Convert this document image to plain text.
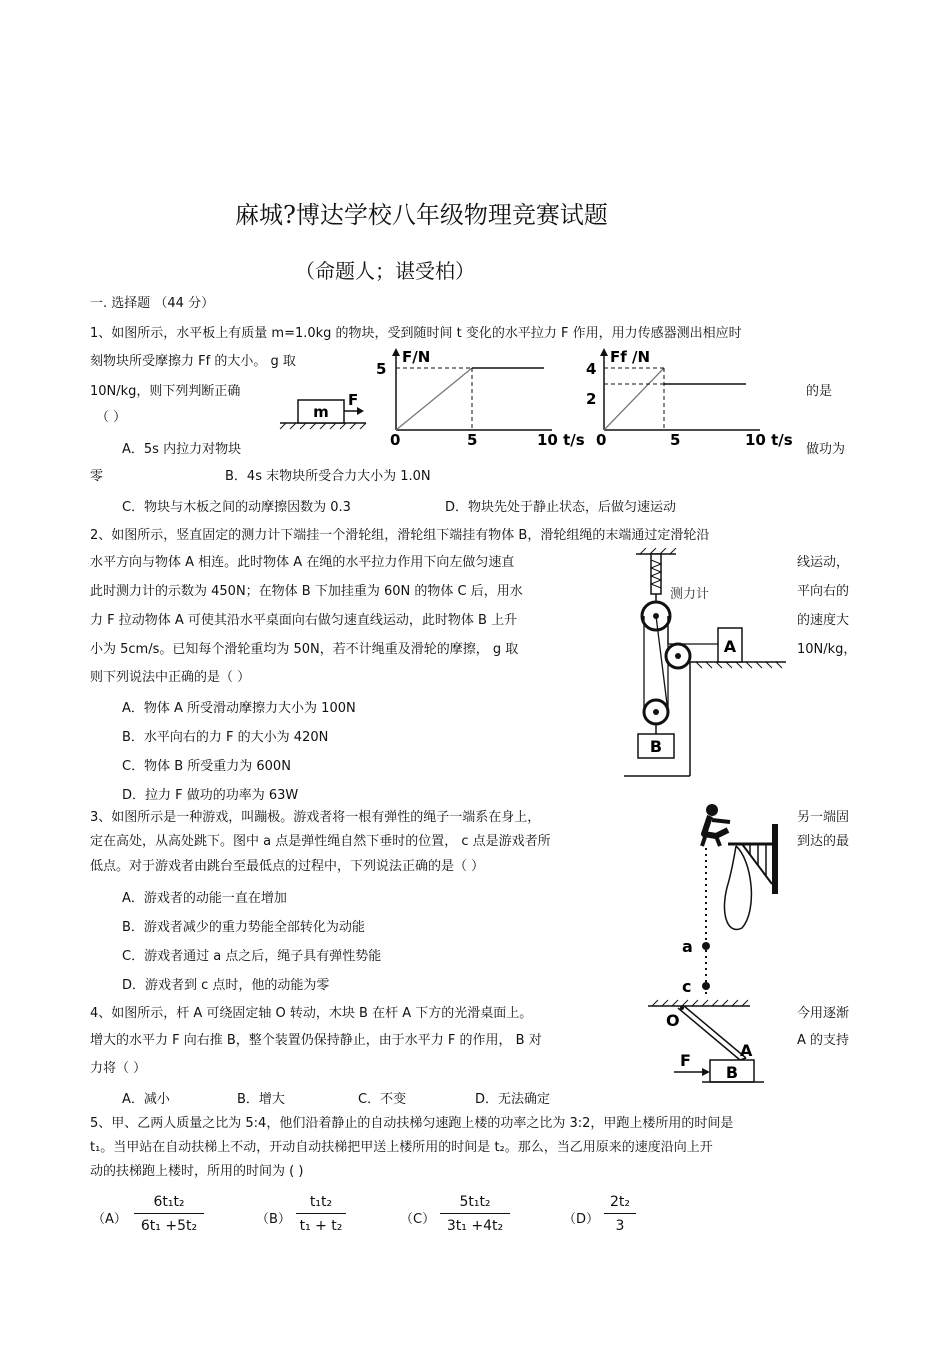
麻城?博达学校八年级物理竞赛试题
（命题人；谌受柏）
一. 选择题 （44 分）
1、如图所示，水平板上有质量 m=1.0kg 的物块，受到随时间 t 变化的水平拉力 F 作用，用力传感器测出相应时
刻物块所受摩擦力 Ff 的大小。 g 取
10N/kg，则下列判断正确	的是
（ ）
A．5s 内拉力对物块	做功为
零	B．4s 末物块所受合力大小为 1.0N
C．物块与木板之间的动摩擦因数为 0.3	D．物块先处于静止状态，后做匀速运动
m
F
F/N
5
0	5	10 t/s
Ff /N
4
2
0	5	10 t/s
2、如图所示，竖直固定的测力计下端挂一个滑轮组，滑轮组下端挂有物体 B，滑轮组绳的末端通过定滑轮沿
水平方向与物体 A 相连。此时物体 A 在绳的水平拉力作用下向左做匀速直	线运动，
此时测力计的示数为 450N；在物体 B 下加挂重为 60N 的物体 C 后，用水	平向右的
力 F 拉动物体 A 可使其沿水平桌面向右做匀速直线运动，此时物体 B 上升	的速度大
小为 5cm/s。已知每个滑轮重均为 50N，若不计绳重及滑轮的摩擦， g 取	10N/kg，
则下列说法中正确的是（ ）
A．物体 A 所受滑动摩擦力大小为 100N
B．水平向右的力 F 的大小为 420N
C．物体 B 所受重力为 600N
D．拉力 F 做功的功率为 63W
测力计
A
B
3、如图所示是一种游戏，叫蹦极。游戏者将一根有弹性的绳子一端系在身上，	另一端固
定在高处，从高处跳下。图中 a 点是弹性绳自然下垂时的位置， c 点是游戏者所	到达的最
低点。对于游戏者由跳台至最低点的过程中，下列说法正确的是（ ）
A．游戏者的动能一直在增加
B．游戏者减少的重力势能全部转化为动能
C．游戏者通过 a 点之后，绳子具有弹性势能
D．游戏者到 c 点时，他的动能为零
a
c
4、如图所示，杆 A 可绕固定轴 O 转动，木块 B 在杆 A 下方的光滑桌面上。	今用逐渐
增大的水平力 F 向右推 B，整个装置仍保持静止，由于水平力 F 的作用， B 对	A 的支持
力将（ ）
A．减小	B．增大	C．不变	D．无法确定
O
A
B
F
5、甲、乙两人质量之比为 5:4，他们沿着静止的自动扶梯匀速跑上楼的功率之比为 3:2，甲跑上楼所用的时间是
t₁。当甲站在自动扶梯上不动，开动自动扶梯把甲送上楼所用的时间是 t₂。那么，当乙用原来的速度沿向上开
动的扶梯跑上楼时，所用的时间为 ( )
$(A) \frac{\text{6t₁t₂}}{\text{6t₁ +5t₂}}$	$(B) \frac{\text{t₁t₂}}{\text{t₁ + t₂}}$	$(C) \frac{\text{5t₁t₂}}{\text{3t₁ +4t₂}}$	$(D) \frac{\text{2t₂}}{3}$
